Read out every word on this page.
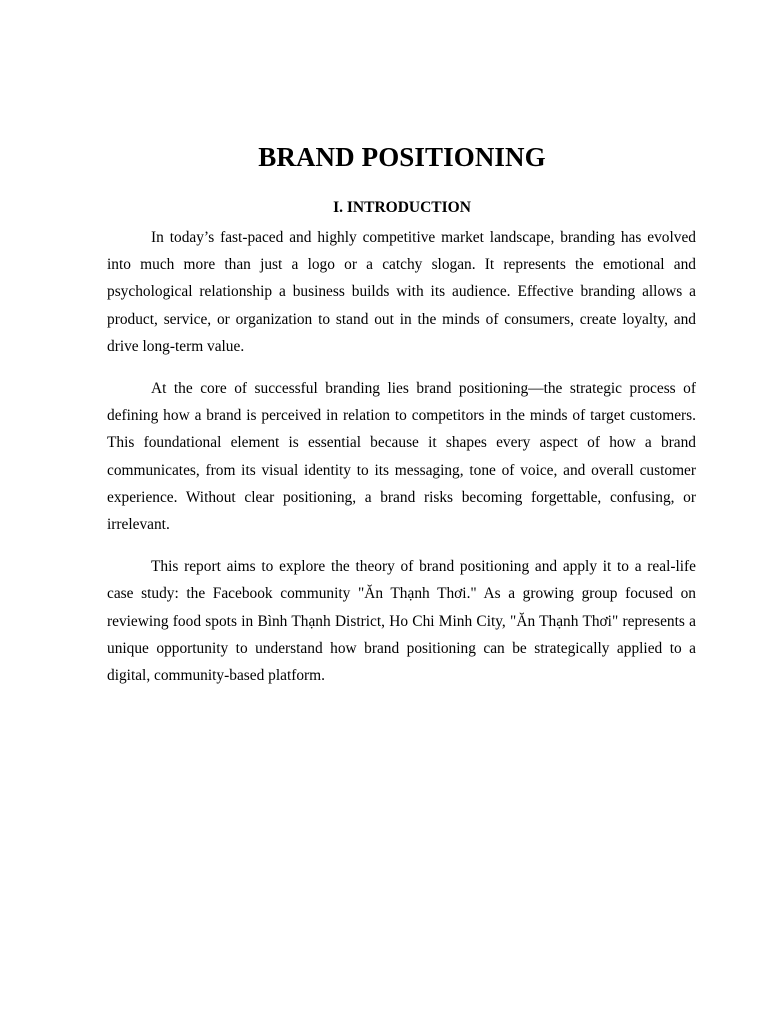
BRAND POSITIONING
I. INTRODUCTION

In today’s fast-paced and highly competitive market landscape, branding has evolved into much more than just a logo or a catchy slogan. It represents the emotional and psychological relationship a business builds with its audience. Effective branding allows a product, service, or organization to stand out in the minds of consumers, create loyalty, and drive long-term value.

At the core of successful branding lies brand positioning—the strategic process of defining how a brand is perceived in relation to competitors in the minds of target customers. This foundational element is essential because it shapes every aspect of how a brand communicates, from its visual identity to its messaging, tone of voice, and overall customer experience. Without clear positioning, a brand risks becoming forgettable, confusing, or irrelevant.

This report aims to explore the theory of brand positioning and apply it to a real-life case study: the Facebook community "Ăn Thạnh Thơi." As a growing group focused on reviewing food spots in Bình Thạnh District, Ho Chi Minh City, "Ăn Thạnh Thơi" represents a unique opportunity to understand how brand positioning can be strategically applied to a digital, community-based platform.
